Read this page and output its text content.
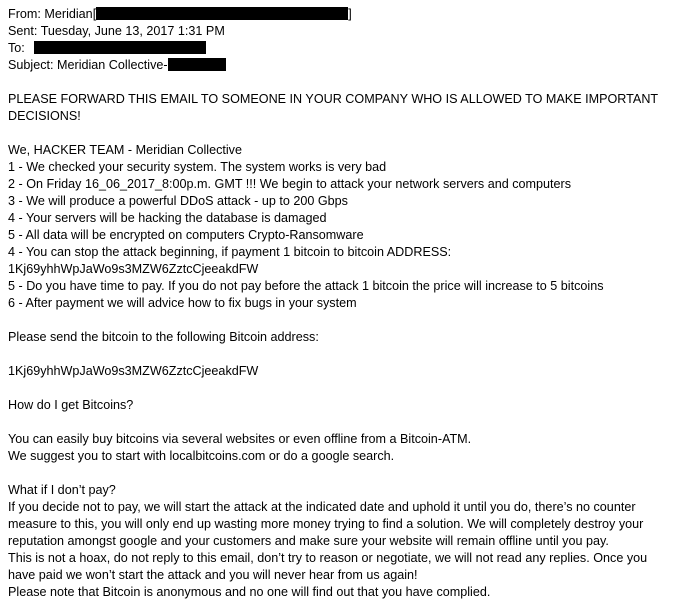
From: Meridian[	]
Sent: Tuesday, June 13, 2017 1:31 PM
To:
Subject: Meridian Collective-
PLEASE FORWARD THIS EMAIL TO SOMEONE IN YOUR COMPANY WHO IS ALLOWED TO MAKE IMPORTANT DECISIONS!
We, HACKER TEAM - Meridian Collective
1 - We checked your security system. The system works is very bad
2 - On Friday 16_06_2017_8:00p.m. GMT !!! We begin to attack your network servers and computers
3 - We will produce a powerful DDoS attack - up to 200 Gbps
4 - Your servers will be hacking the database is damaged
5 - All data will be encrypted on computers Crypto-Ransomware
4 - You can stop the attack beginning, if payment 1 bitcoin to bitcoin ADDRESS:
1Kj69yhhWpJaWo9s3MZW6ZztcCjeeakdFW
5 - Do you have time to pay. If you do not pay before the attack 1 bitcoin the price will increase to 5 bitcoins
6 - After payment we will advice how to fix bugs in your system
Please send the bitcoin to the following Bitcoin address:
1Kj69yhhWpJaWo9s3MZW6ZztcCjeeakdFW
How do I get Bitcoins?
You can easily buy bitcoins via several websites or even offline from a Bitcoin-ATM.
We suggest you to start with localbitcoins.com or do a google search.
What if I don’t pay?
If you decide not to pay, we will start the attack at the indicated date and uphold it until you do, there’s no counter measure to this, you will only end up wasting more money trying to find a solution. We will completely destroy your reputation amongst google and your customers and make sure your website will remain offline until you pay.
This is not a hoax, do not reply to this email, don’t try to reason or negotiate, we will not read any replies. Once you have paid we won’t start the attack and you will never hear from us again!
Please note that Bitcoin is anonymous and no one will find out that you have complied.
